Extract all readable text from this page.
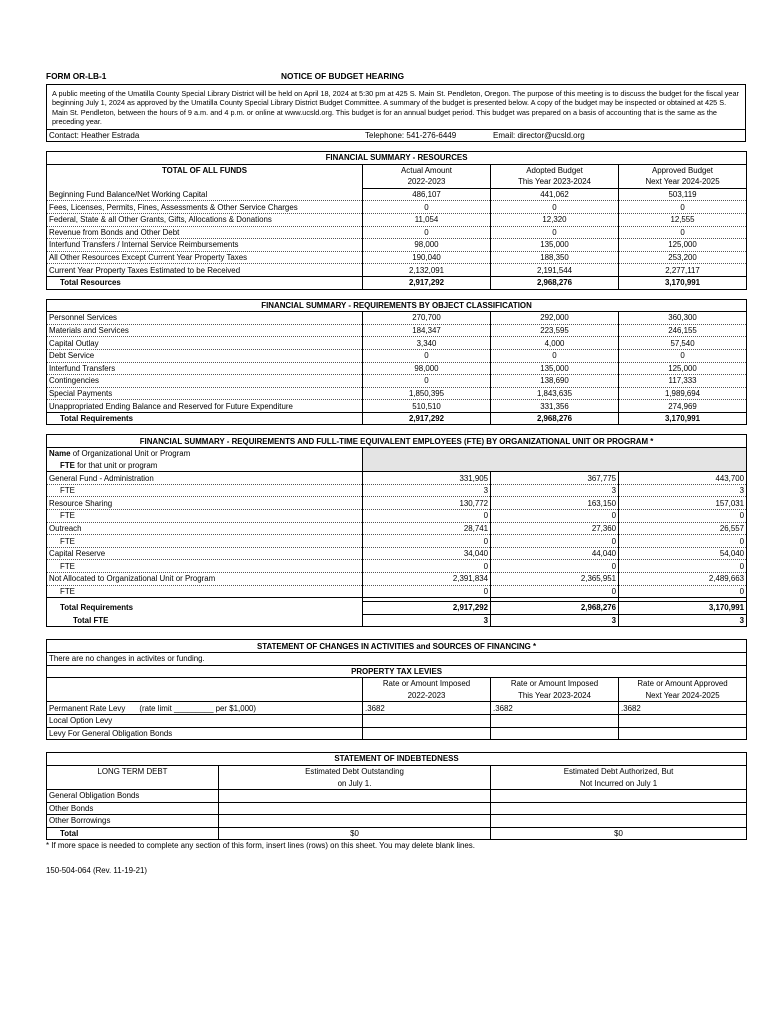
FORM OR-LB-1	NOTICE OF BUDGET HEARING
A public meeting of the Umatilla County Special Library District will be held on April 18, 2024 at 5:30 pm at 425 S. Main St. Pendleton, Oregon. The purpose of this meeting is to discuss the budget for the fiscal year beginning July 1, 2024 as approved by the Umatilla County Special Library District Budget Committee. A summary of the budget is presented below. A copy of the budget may be inspected or obtained at 425 S. Main St. Pendleton, between the hours of 9 a.m. and 4 p.m. or online at www.ucsld.org. This budget is for an annual budget period. This budget was prepared on a basis of accounting that is the same as the preceding year.
Contact: Heather Estrada	Telephone: 541-276-6449	Email: director@ucsld.org
FINANCIAL SUMMARY - RESOURCES			
TOTAL OF ALL FUNDS	Actual Amount	Adopted Budget	Approved Budget
	2022-2023	This Year 2023-2024	Next Year 2024-2025
Beginning Fund Balance/Net Working Capital	486,107	441,062	503,119
Fees, Licenses, Permits, Fines, Assessments & Other Service Charges	0	0	0
Federal, State & all Other Grants, Gifts, Allocations & Donations	11,054	12,320	12,555
Revenue from Bonds and Other Debt	0	0	0
Interfund Transfers / Internal Service Reimbursements	98,000	135,000	125,000
All Other Resources Except Current Year Property Taxes	190,040	188,350	253,200
Current Year Property Taxes Estimated to be Received	2,132,091	2,191,544	2,277,117
Total Resources	2,917,292	2,968,276	3,170,991
FINANCIAL SUMMARY - REQUIREMENTS BY OBJECT CLASSIFICATION			
Personnel Services	270,700	292,000	360,300
Materials and Services	184,347	223,595	246,155
Capital Outlay	3,340	4,000	57,540
Debt Service	0	0	0
Interfund Transfers	98,000	135,000	125,000
Contingencies	0	138,690	117,333
Special Payments	1,850,395	1,843,635	1,989,694
Unappropriated Ending Balance and Reserved for Future Expenditure	510,510	331,356	274,969
Total Requirements	2,917,292	2,968,276	3,170,991
FINANCIAL SUMMARY - REQUIREMENTS AND FULL-TIME EQUIVALENT EMPLOYEES (FTE) BY ORGANIZATIONAL UNIT OR PROGRAM *			
Name of Organizational Unit or Program			
FTE for that unit or program			
General Fund - Administration	331,905	367,775	443,700
FTE	3	3	3
Resource Sharing	130,772	163,150	157,031
FTE	0	0	0
Outreach	28,741	27,360	26,557
FTE	0	0	0
Capital Reserve	34,040	44,040	54,040
FTE	0	0	0
Not Allocated to Organizational Unit or Program	2,391,834	2,365,951	2,489,663
FTE	0	0	0

Total Requirements	2,917,292	2,968,276	3,170,991
Total FTE	3	3	3
STATEMENT OF CHANGES IN ACTIVITIES and SOURCES OF FINANCING *			
There are no changes in activites or funding.			
PROPERTY TAX LEVIES			
	Rate or Amount Imposed	Rate or Amount Imposed	Rate or Amount Approved
	2022-2023	This Year 2023-2024	Next Year 2024-2025
Permanent Rate Levy (rate limit _________ per $1,000)	.3682	.3682	.3682
Local Option Levy			
Levy For General Obligation Bonds			
STATEMENT OF INDEBTEDNESS		
LONG TERM DEBT	Estimated Debt Outstanding	Estimated Debt Authorized, But
	on July 1.	Not Incurred on July 1
General Obligation Bonds		
Other Bonds		
Other Borrowings		
Total	$0	$0
* If more space is needed to complete any section of this form, insert lines (rows) on this sheet. You may delete blank lines.
150-504-064 (Rev. 11-19-21)
